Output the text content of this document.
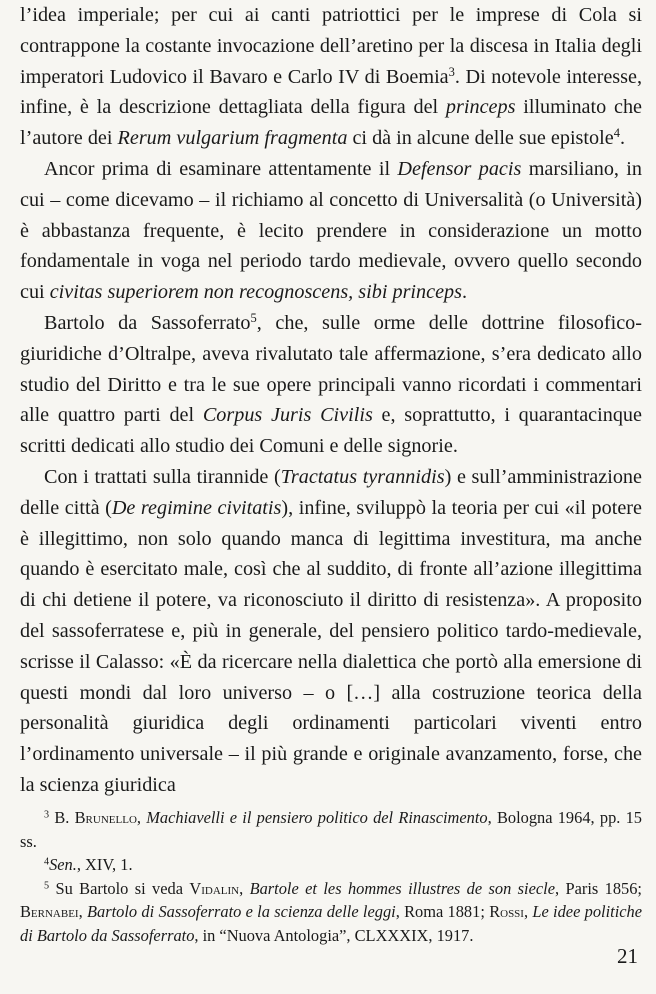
l’idea imperiale; per cui ai canti patriottici per le imprese di Cola si contrappone la costante invocazione dell’aretino per la discesa in Italia degli imperatori Ludovico il Bavaro e Carlo IV di Boemia$^3$. Di notevole interesse, infine, è la descrizione dettagliata della figura del princeps illuminato che l’autore dei Rerum vulgarium fragmenta ci dà in alcune delle sue epistole$^4$.

Ancor prima di esaminare attentamente il Defensor pacis marsiliano, in cui – come dicevamo – il richiamo al concetto di Universalità (o Università) è abbastanza frequente, è lecito prendere in considerazione un motto fondamentale in voga nel periodo tardo medievale, ovvero quello secondo cui civitas superiorem non recognoscens, sibi princeps.

Bartolo da Sassoferrato$^5$, che, sulle orme delle dottrine filosofico-giuridiche d’Oltralpe, aveva rivalutato tale affermazione, s’era dedicato allo studio del Diritto e tra le sue opere principali vanno ricordati i commentari alle quattro parti del Corpus Juris Civilis e, soprattutto, i quarantacinque scritti dedicati allo studio dei Comuni e delle signorie.

Con i trattati sulla tirannide (Tractatus tyrannidis) e sull’amministrazione delle città (De regimine civitatis), infine, sviluppò la teoria per cui «il potere è illegittimo, non solo quando manca di legittima investitura, ma anche quando è esercitato male, così che al suddito, di fronte all’azione illegittima di chi detiene il potere, va riconosciuto il diritto di resistenza». A proposito del sassoferratese e, più in generale, del pensiero politico tardo-medievale, scrisse il Calasso: «È da ricercare nella dialettica che portò alla emersione di questi mondi dal loro universo – o […] alla costruzione teorica della personalità giuridica degli ordinamenti particolari viventi entro l’ordinamento universale – il più grande e originale avanzamento, forse, che la scienza giuridica

$^3$ B. Brunello, Machiavelli e il pensiero politico del Rinascimento, Bologna 1964, pp. 15 ss.

$^4$Sen., XIV, 1.

$^5$ Su Bartolo si veda Vidalin, Bartole et les hommes illustres de son siecle, Paris 1856; Bernabei, Bartolo di Sassoferrato e la scienza delle leggi, Roma 1881; Rossi, Le idee politiche di Bartolo da Sassoferrato, in “Nuova Antologia”, CLXXXIX, 1917.

21
